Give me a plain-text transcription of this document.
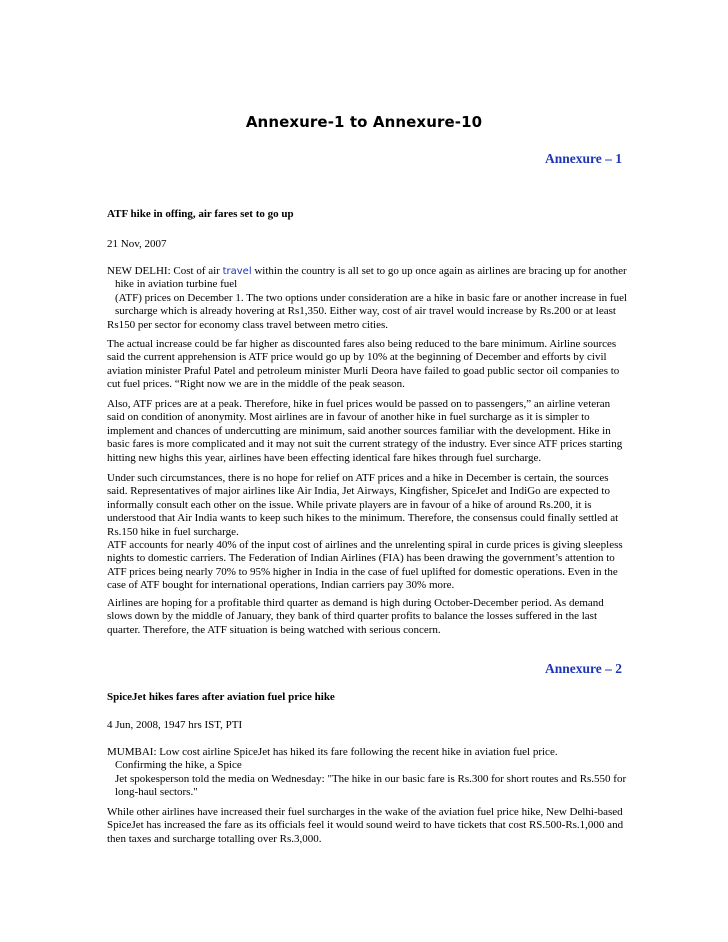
Annexure-1 to Annexure-10
Annexure – 1
ATF hike in offing, air fares set to go up
21 Nov, 2007
NEW DELHI: Cost of air travel within the country is all set to go up once again as airlines are bracing up for another
hike in aviation turbine fuel
(ATF) prices on December 1. The two options under consideration are a hike in basic fare or another increase in fuel
surcharge which is already hovering at Rs1,350. Either way, cost of air travel would increase by Rs.200 or at least
Rs150 per sector for economy class travel between metro cities.
The actual increase could be far higher as discounted fares also being reduced to the bare minimum. Airline sources
said the current apprehension is ATF price would go up by 10% at the beginning of December and efforts by civil
aviation minister Praful Patel and petroleum minister Murli Deora have failed to goad public sector oil companies to
cut fuel prices. “Right now we are in the middle of the peak season.
Also, ATF prices are at a peak. Therefore, hike in fuel prices would be passed on to passengers,” an airline veteran
said on condition of anonymity. Most airlines are in favour of another hike in fuel surcharge as it is simpler to
implement and chances of undercutting are minimum, said another sources familiar with the development. Hike in
basic fares is more complicated and it may not suit the current strategy of the industry. Ever since ATF prices starting
hitting new highs this year, airlines have been effecting identical fare hikes through fuel surcharge.
Under such circumstances, there is no hope for relief on ATF prices and a hike in December is certain, the sources
said. Representatives of major airlines like Air India, Jet Airways, Kingfisher, SpiceJet and IndiGo are expected to
informally consult each other on the issue. While private players are in favour of a hike of around Rs.200, it is
understood that Air India wants to keep such hikes to the minimum. Therefore, the consensus could finally settled at
Rs.150 hike in fuel surcharge.
ATF accounts for nearly 40% of the input cost of airlines and the unrelenting spiral in curde prices is giving sleepless
nights to domestic carriers. The Federation of Indian Airlines (FIA) has been drawing the government’s attention to
ATF prices being nearly 70% to 95% higher in India in the case of fuel uplifted for domestic operations. Even in the
case of ATF bought for international operations, Indian carriers pay 30% more.
Airlines are hoping for a profitable third quarter as demand is high during October-December period. As demand
slows down by the middle of January, they bank of third quarter profits to balance the losses suffered in the last
quarter. Therefore, the ATF situation is being watched with serious concern.
Annexure – 2
SpiceJet hikes fares after aviation fuel price hike
4 Jun, 2008, 1947 hrs IST, PTI
MUMBAI: Low cost airline SpiceJet has hiked its fare following the recent hike in aviation fuel price.
Confirming the hike, a Spice
Jet spokesperson told the media on Wednesday: "The hike in our basic fare is Rs.300 for short routes and Rs.550 for
long-haul sectors."
While other airlines have increased their fuel surcharges in the wake of the aviation fuel price hike, New Delhi-based
SpiceJet has increased the fare as its officials feel it would sound weird to have tickets that cost RS.500-Rs.1,000 and
then taxes and surcharge totalling over Rs.3,000.
